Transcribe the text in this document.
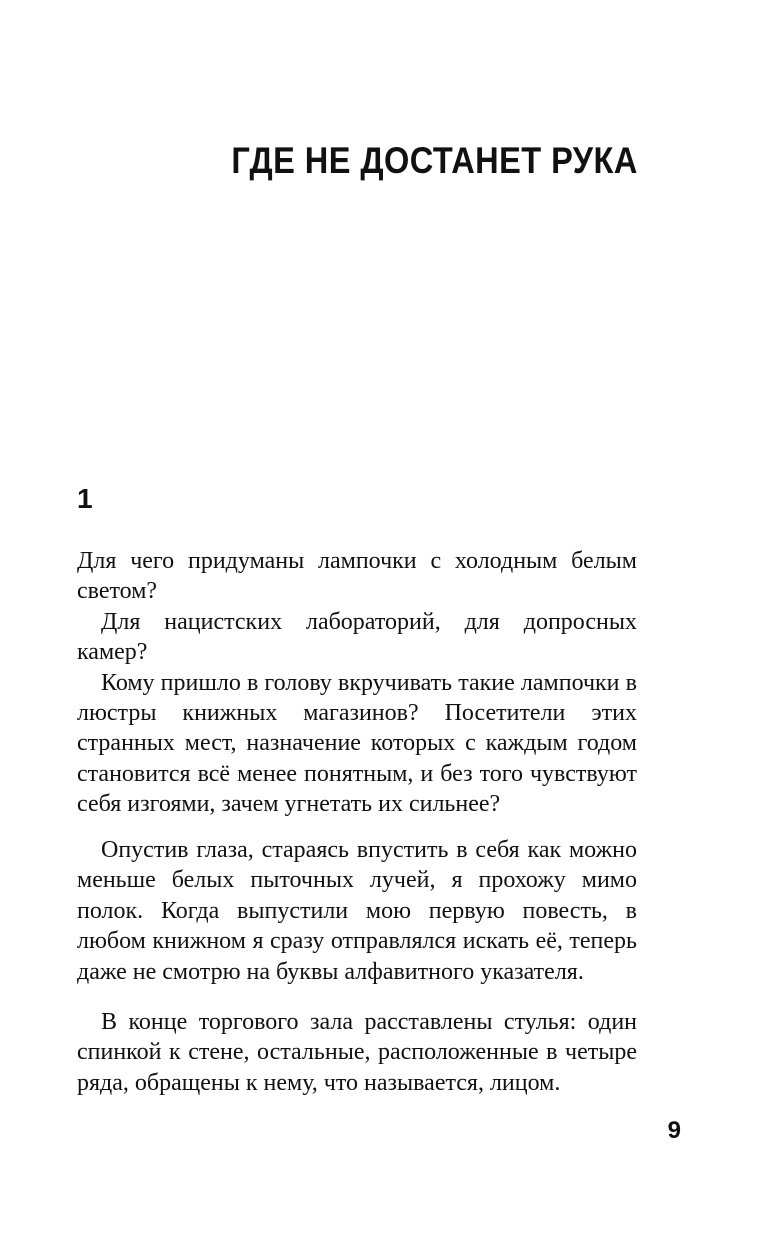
ГДЕ НЕ ДОСТАНЕТ РУКА
1

Для чего придуманы лампочки с холодным белым светом?

Для нацистских лабораторий, для допросных камер?

Кому пришло в голову вкручивать такие лампочки в люстры книжных магазинов? Посетители этих странных мест, назначение которых с каждым годом становится всё менее понятным, и без того чувствуют себя изгоями, зачем угнетать их сильнее?

Опустив глаза, стараясь впустить в себя как можно меньше белых пыточных лучей, я прохожу мимо полок. Когда выпустили мою первую повесть, в любом книжном я сразу отправлялся искать её, теперь даже не смотрю на буквы алфавитного указателя.

В конце торгового зала расставлены стулья: один спинкой к стене, остальные, расположенные в четыре ряда, обращены к нему, что называется, лицом.

9
